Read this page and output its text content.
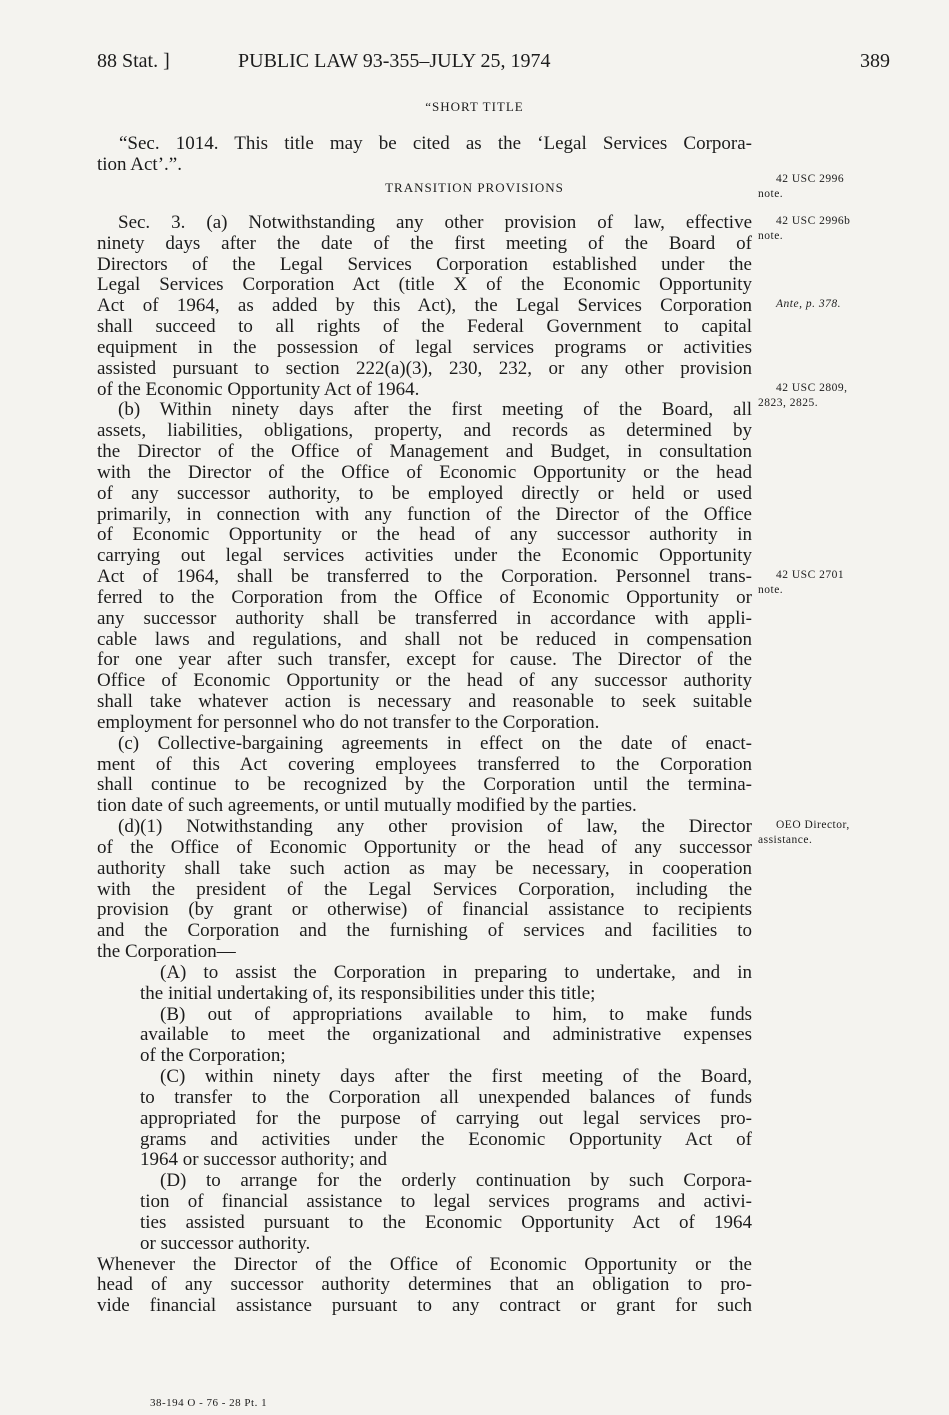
88 Stat. ]	PUBLIC LAW 93-355–JULY 25, 1974	389
“SHORT TITLE
“Sec. 1014. This title may be cited as the ‘Legal Services Corpora-
tion Act’.”.
TRANSITION PROVISIONS
Sec. 3. (a) Notwithstanding any other provision of law, effective
ninety days after the date of the first meeting of the Board of
Directors of the Legal Services Corporation established under the
Legal Services Corporation Act (title X of the Economic Opportunity
Act of 1964, as added by this Act), the Legal Services Corporation
shall succeed to all rights of the Federal Government to capital
equipment in the possession of legal services programs or activities
assisted pursuant to section 222(a)(3), 230, 232, or any other provision
of the Economic Opportunity Act of 1964.
(b) Within ninety days after the first meeting of the Board, all
assets, liabilities, obligations, property, and records as determined by
the Director of the Office of Management and Budget, in consultation
with the Director of the Office of Economic Opportunity or the head
of any successor authority, to be employed directly or held or used
primarily, in connection with any function of the Director of the Office
of Economic Opportunity or the head of any successor authority in
carrying out legal services activities under the Economic Opportunity
Act of 1964, shall be transferred to the Corporation. Personnel trans-
ferred to the Corporation from the Office of Economic Opportunity or
any successor authority shall be transferred in accordance with appli-
cable laws and regulations, and shall not be reduced in compensation
for one year after such transfer, except for cause. The Director of the
Office of Economic Opportunity or the head of any successor authority
shall take whatever action is necessary and reasonable to seek suitable
employment for personnel who do not transfer to the Corporation.
(c) Collective-bargaining agreements in effect on the date of enact-
ment of this Act covering employees transferred to the Corporation
shall continue to be recognized by the Corporation until the termina-
tion date of such agreements, or until mutually modified by the parties.
(d)(1) Notwithstanding any other provision of law, the Director
of the Office of Economic Opportunity or the head of any successor
authority shall take such action as may be necessary, in cooperation
with the president of the Legal Services Corporation, including the
provision (by grant or otherwise) of financial assistance to recipients
and the Corporation and the furnishing of services and facilities to
the Corporation—
(A) to assist the Corporation in preparing to undertake, and in
the initial undertaking of, its responsibilities under this title;
(B) out of appropriations available to him, to make funds
available to meet the organizational and administrative expenses
of the Corporation;
(C) within ninety days after the first meeting of the Board,
to transfer to the Corporation all unexpended balances of funds
appropriated for the purpose of carrying out legal services pro-
grams and activities under the Economic Opportunity Act of
1964 or successor authority; and
(D) to arrange for the orderly continuation by such Corpora-
tion of financial assistance to legal services programs and activi-
ties assisted pursuant to the Economic Opportunity Act of 1964
or successor authority.
Whenever the Director of the Office of Economic Opportunity or the
head of any successor authority determines that an obligation to pro-
vide financial assistance pursuant to any contract or grant for such
42 USC 2996
note.
42 USC 2996b
note.
Ante, p. 378.
42 USC 2809,
2823, 2825.
42 USC 2701
note.
OEO Director,
assistance.
38-194 O - 76 - 28 Pt. 1
